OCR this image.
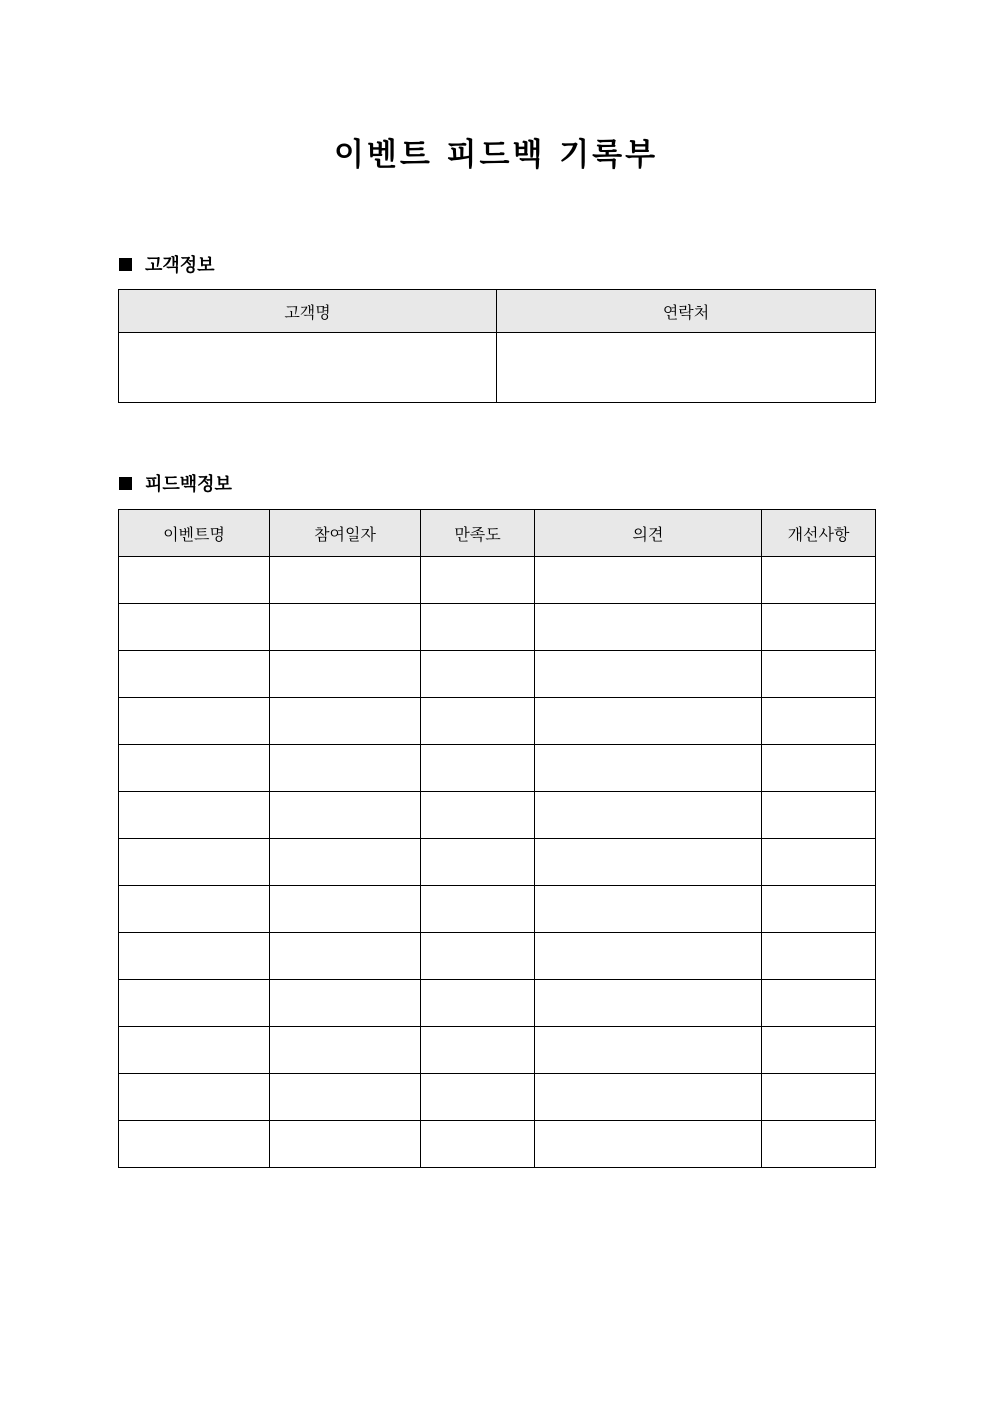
이벤트 피드백 기록부
고객정보
고객명	연락처

피드백정보
이벤트명	참여일자	만족도	의견	개선사항
